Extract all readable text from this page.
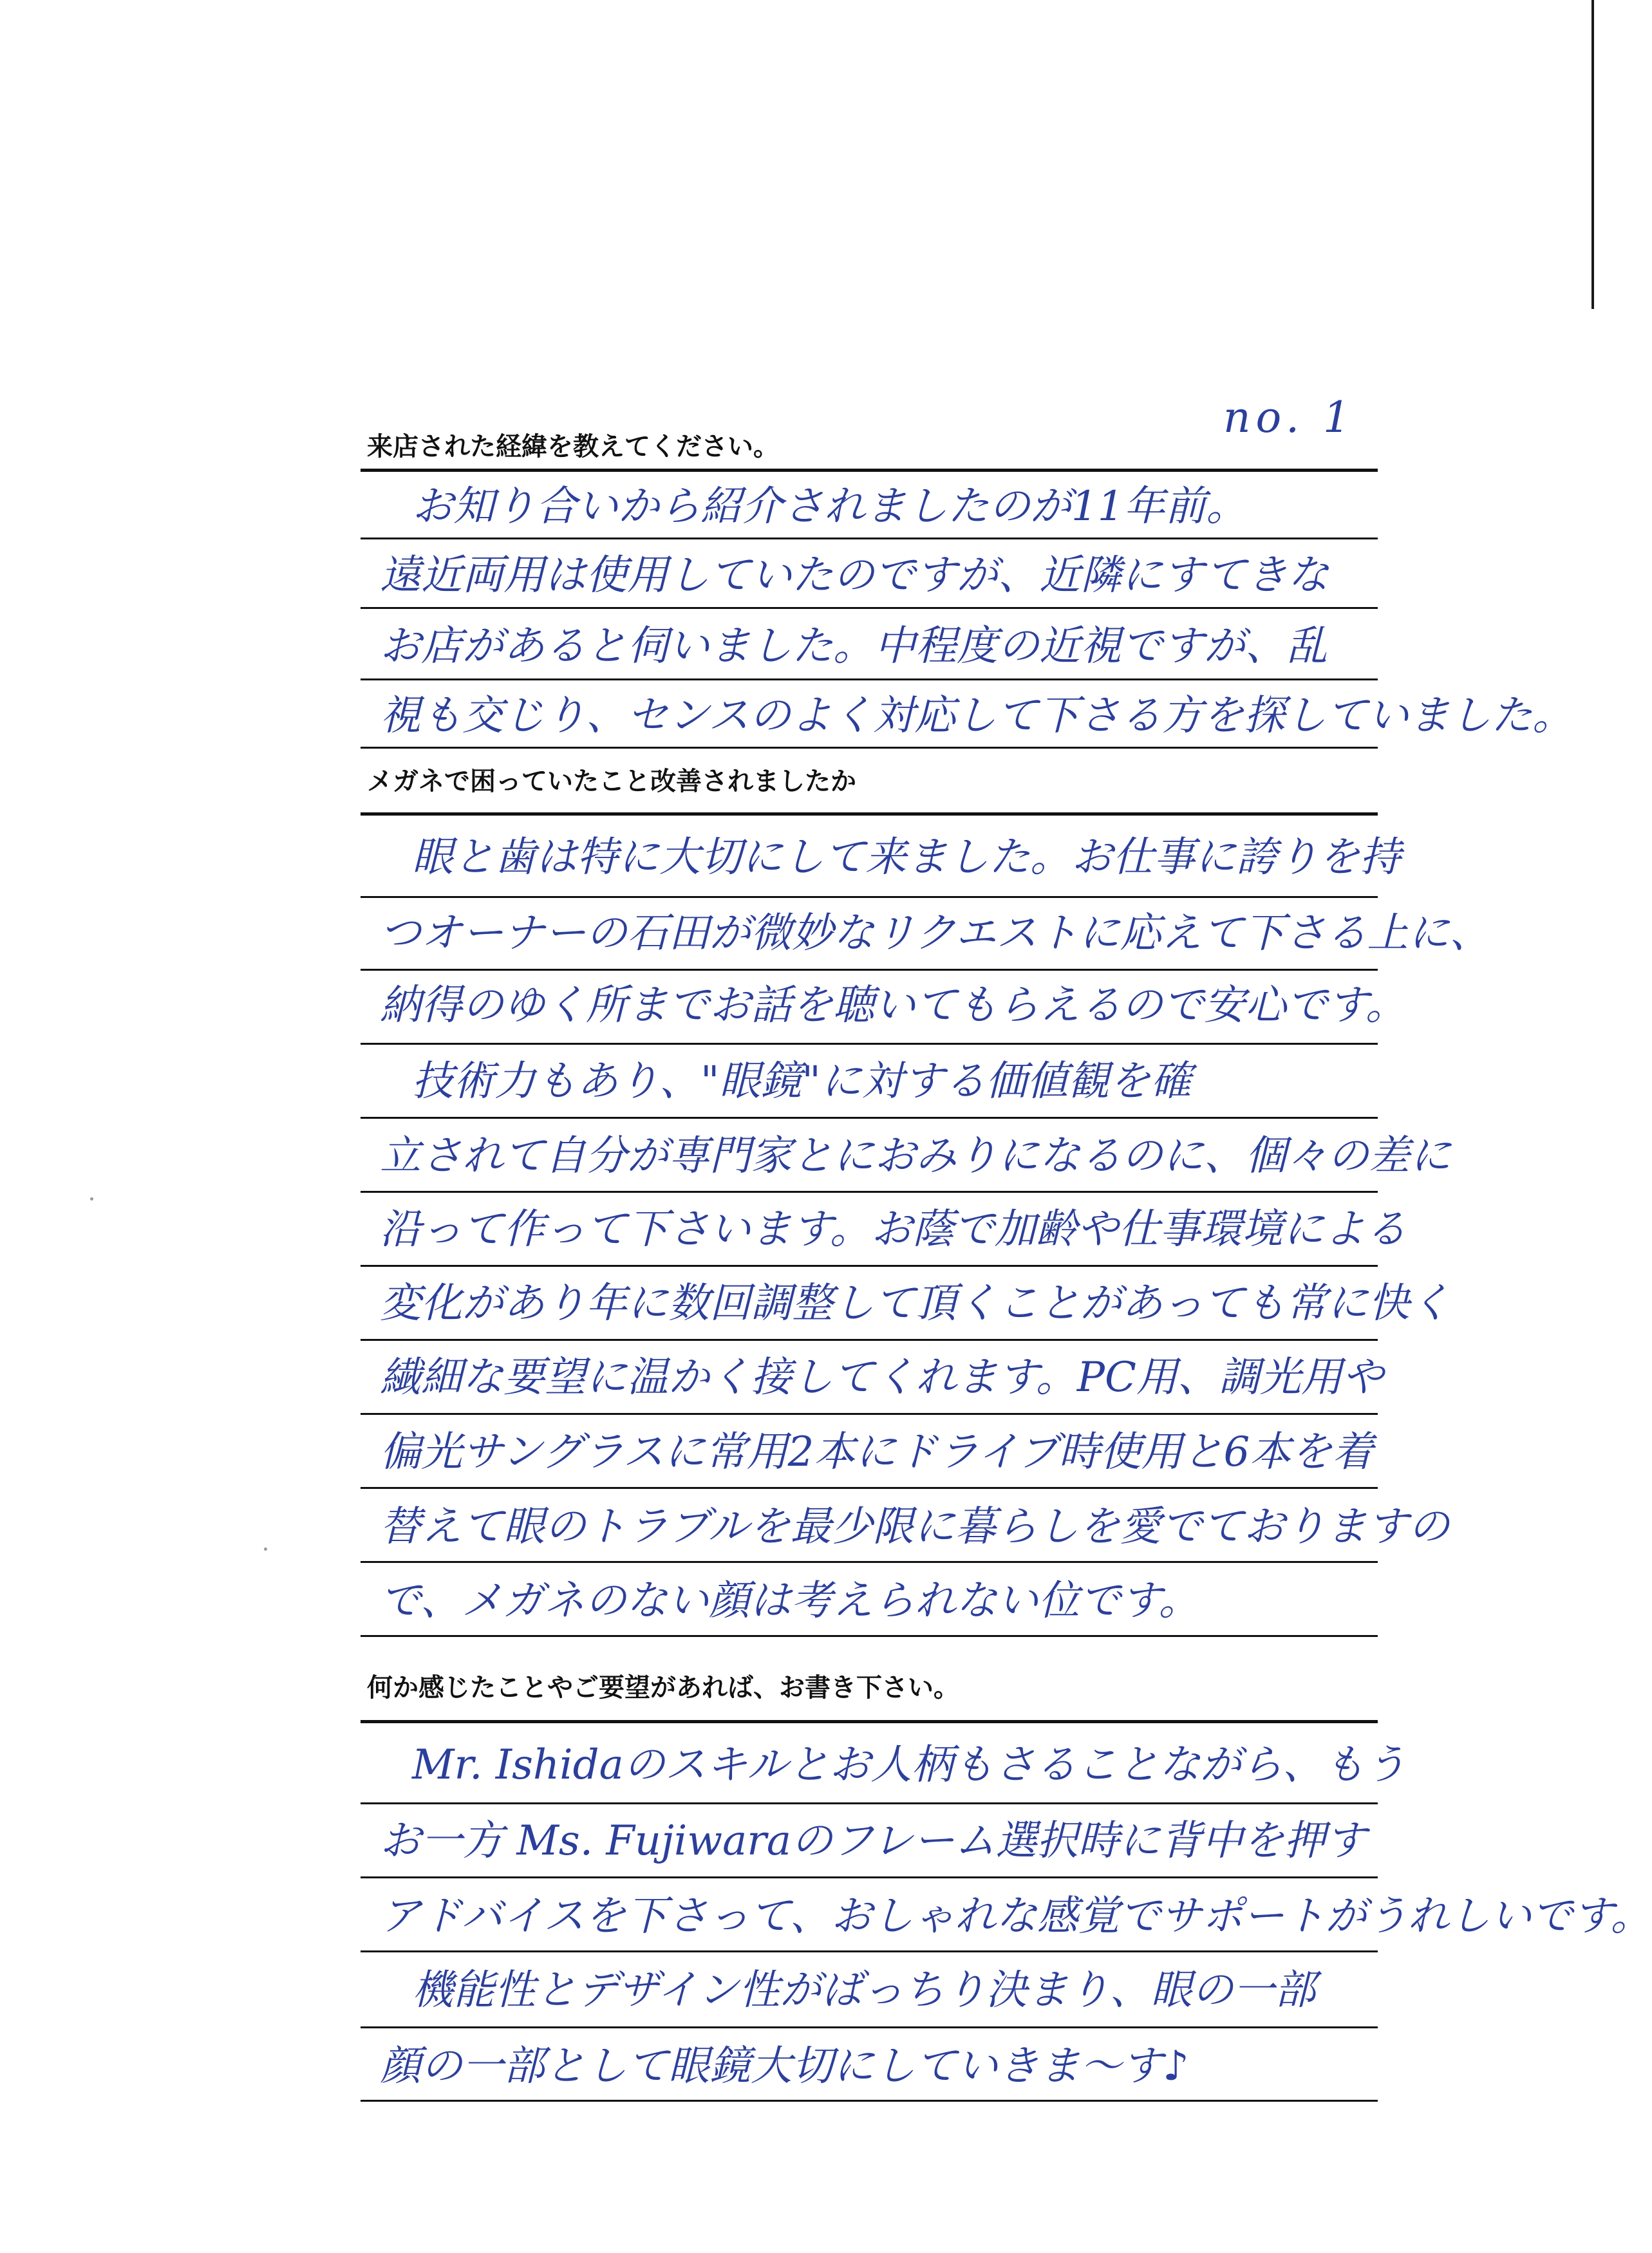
no. 1
来店された経緯を教えてください。
お知り合いから紹介されましたのが11年前。
遠近両用は使用していたのですが、近隣にすてきな
お店があると伺いました。中程度の近視ですが、乱
視も交じり、センスのよく対応して下さる方を探していました。
メガネで困っていたこと改善されましたか
眼と歯は特に大切にして来ました。お仕事に誇りを持
つオーナーの石田が微妙なリクエストに応えて下さる上に、
納得のゆく所までお話を聴いてもらえるので安心です。
技術力もあり、"眼鏡"に対する価値観を確
立されて自分が専門家とにおみりになるのに、個々の差に
沿って作って下さいます。お蔭で加齢や仕事環境による
変化があり年に数回調整して頂くことがあっても常に快く
繊細な要望に温かく接してくれます。PC用、調光用や
偏光サングラスに常用2本にドライブ時使用と6本を着
替えて眼のトラブルを最少限に暮らしを愛でておりますの
で、メガネのない顔は考えられない位です。
何か感じたことやご要望があれば、お書き下さい。
Mr. Ishidaのスキルとお人柄もさることながら、もう
お一方 Ms. Fujiwaraのフレーム選択時に背中を押す
アドバイスを下さって、おしゃれな感覚でサポートがうれしいです。
機能性とデザイン性がばっちり決まり、眼の一部
顔の一部として眼鏡大切にしていきま～す♪
